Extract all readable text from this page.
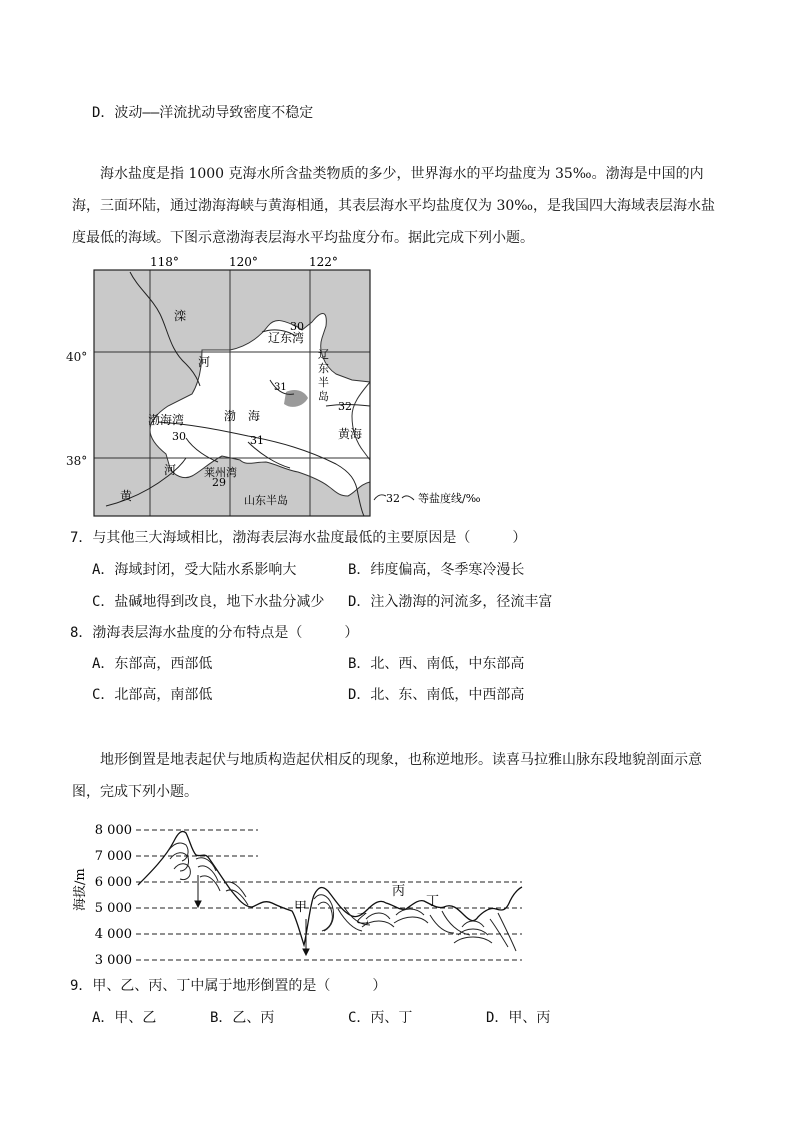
D．波动——洋流扰动导致密度不稳定
海水盐度是指 1000 克海水所含盐类物质的多少，世界海水的平均盐度为 35‰。渤海是中国的内海，三面环陆，通过渤海海峡与黄海相通，其表层海水平均盐度仅为 30‰，是我国四大海域表层海水盐度最低的海域。下图示意渤海表层海水平均盐度分布。据此完成下列小题。
118°	120°	122°
滦
河
辽东湾
辽
东
半
岛
渤海湾	渤　海
黄海
莱州湾
山东半岛
河
黄
30
31
32
30	31
29
32 等盐度线/‰
40°
38°
7．与其他三大海域相比，渤海表层海水盐度最低的主要原因是（　　　）
A．海域封闭，受大陆水系影响大	B．纬度偏高，冬季寒冷漫长
C．盐碱地得到改良，地下水盐分减少 D．注入渤海的河流多，径流丰富
8．渤海表层海水盐度的分布特点是（　　　）
A．东部高，西部低	B．北、西、南低，中东部高
C．北部高，南部低	D．北、东、南低，中西部高
地形倒置是地表起伏与地质构造起伏相反的现象，也称逆地形。读喜马拉雅山脉东段地貌剖面示意图，完成下列小题。
海拔/m
8 000
7 000
6 000
5 000
4 000
3 000
甲
乙
丙
丁
9．甲、乙、丙、丁中属于地形倒置的是（　　　）
A．甲、乙	B．乙、丙	C．丙、丁	D．甲、丙
